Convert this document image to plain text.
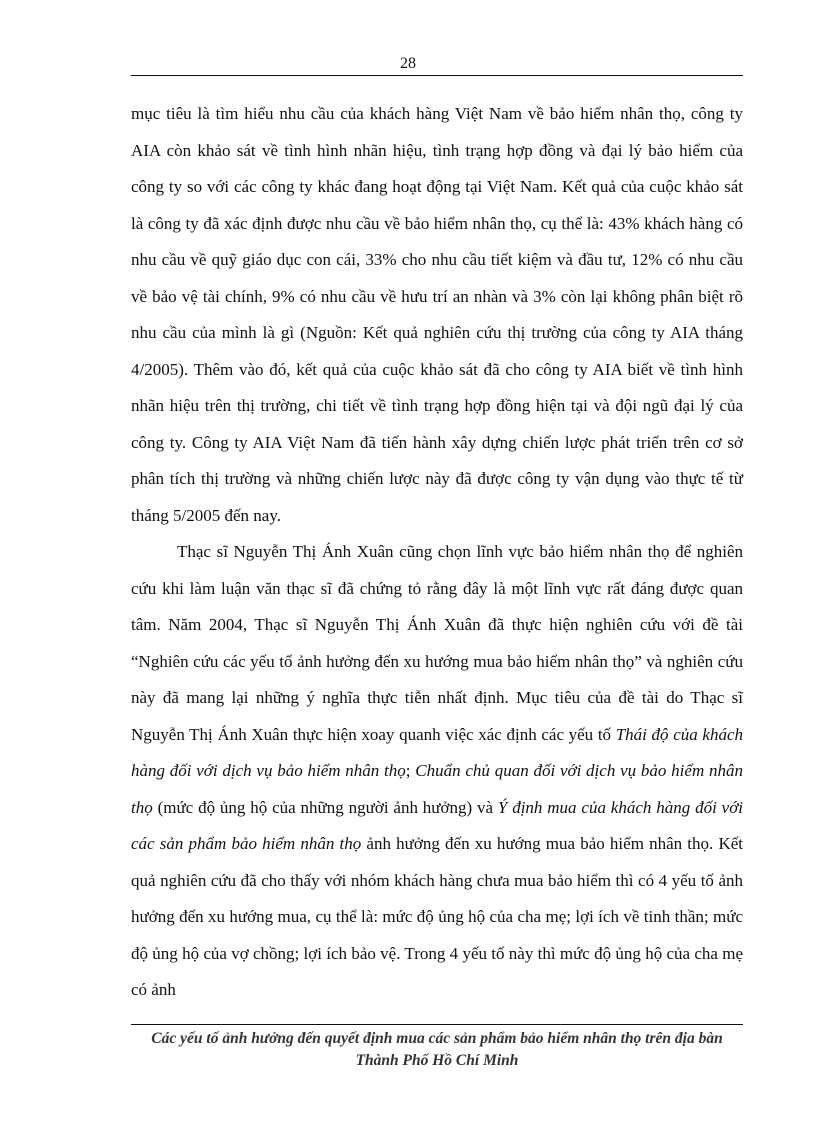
28

mục tiêu là tìm hiểu nhu cầu của khách hàng Việt Nam về bảo hiểm nhân thọ, công ty AIA còn khảo sát về tình hình nhãn hiệu, tình trạng hợp đồng và đại lý bảo hiểm của công ty so với các công ty khác đang hoạt động tại Việt Nam. Kết quả của cuộc khảo sát là công ty đã xác định được nhu cầu về bảo hiểm nhân thọ, cụ thể là: 43% khách hàng có nhu cầu về quỹ giáo dục con cái, 33% cho nhu cầu tiết kiệm và đầu tư, 12% có nhu cầu về bảo vệ tài chính, 9% có nhu cầu về hưu trí an nhàn và 3% còn lại không phân biệt rõ nhu cầu của mình là gì (Nguồn: Kết quả nghiên cứu thị trường của công ty AIA tháng 4/2005). Thêm vào đó, kết quả của cuộc khảo sát đã cho công ty AIA biết về tình hình nhãn hiệu trên thị trường, chi tiết về tình trạng hợp đồng hiện tại và đội ngũ đại lý của công ty. Công ty AIA Việt Nam đã tiến hành xây dựng chiến lược phát triển trên cơ sở phân tích thị trường và những chiến lược này đã được công ty vận dụng vào thực tế từ tháng 5/2005 đến nay.

Thạc sĩ Nguyễn Thị Ánh Xuân cũng chọn lĩnh vực bảo hiểm nhân thọ để nghiên cứu khi làm luận văn thạc sĩ đã chứng tỏ rằng đây là một lĩnh vực rất đáng được quan tâm. Năm 2004, Thạc sĩ Nguyễn Thị Ánh Xuân đã thực hiện nghiên cứu với đề tài “Nghiên cứu các yếu tố ảnh hưởng đến xu hướng mua bảo hiểm nhân thọ” và nghiên cứu này đã mang lại những ý nghĩa thực tiễn nhất định. Mục tiêu của đề tài do Thạc sĩ Nguyễn Thị Ánh Xuân thực hiện xoay quanh việc xác định các yếu tố Thái độ của khách hàng đối với dịch vụ bảo hiểm nhân thọ; Chuẩn chủ quan đối với dịch vụ bảo hiểm nhân thọ (mức độ ủng hộ của những người ảnh hưởng) và Ý định mua của khách hàng đối với các sản phẩm bảo hiểm nhân thọ ảnh hưởng đến xu hướng mua bảo hiểm nhân thọ. Kết quả nghiên cứu đã cho thấy với nhóm khách hàng chưa mua bảo hiểm thì có 4 yếu tố ảnh hưởng đến xu hướng mua, cụ thể là: mức độ ủng hộ của cha mẹ; lợi ích về tinh thần; mức độ ủng hộ của vợ chồng; lợi ích bảo vệ. Trong 4 yếu tố này thì mức độ ủng hộ của cha mẹ có ảnh

Các yếu tố ảnh hưởng đến quyết định mua các sản phẩm bảo hiểm nhân thọ trên địa bàn
Thành Phố Hồ Chí Minh
